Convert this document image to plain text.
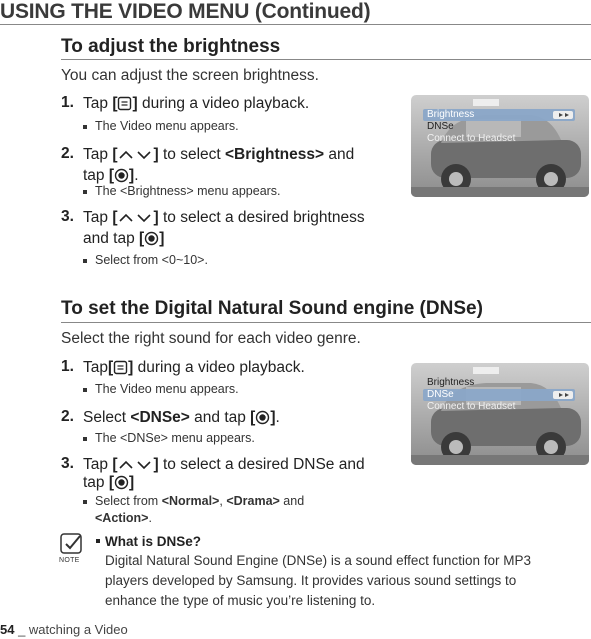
USING THE VIDEO MENU (Continued)
To adjust the brightness
You can adjust the screen brightness.
1. Tap [ ] during a video playback.
The Video menu appears.
2. Tap [ ] to select <Brightness> and
tap [ ].
The <Brightness> menu appears.
3. Tap [ ] to select a desired brightness
and tap [ ]
Select from <0~10>.
Brightness
DNSe
Connect to Headset
To set the Digital Natural Sound engine (DNSe)
Select the right sound for each video genre.
1. Tap[ ] during a video playback.
The Video menu appears.
2. Select <DNSe> and tap [ ].
The <DNSe> menu appears.
3. Tap [ ] to select a desired DNSe and
tap [ ]
Select from <Normal>, <Drama> and
<Action>.
Brightness
DNSe
Connect to Headset
NOTE
What is DNSe?
Digital Natural Sound Engine (DNSe) is a sound effect function for MP3
players developed by Samsung. It provides various sound settings to
enhance the type of music you’re listening to.
54 _ watching a Video
